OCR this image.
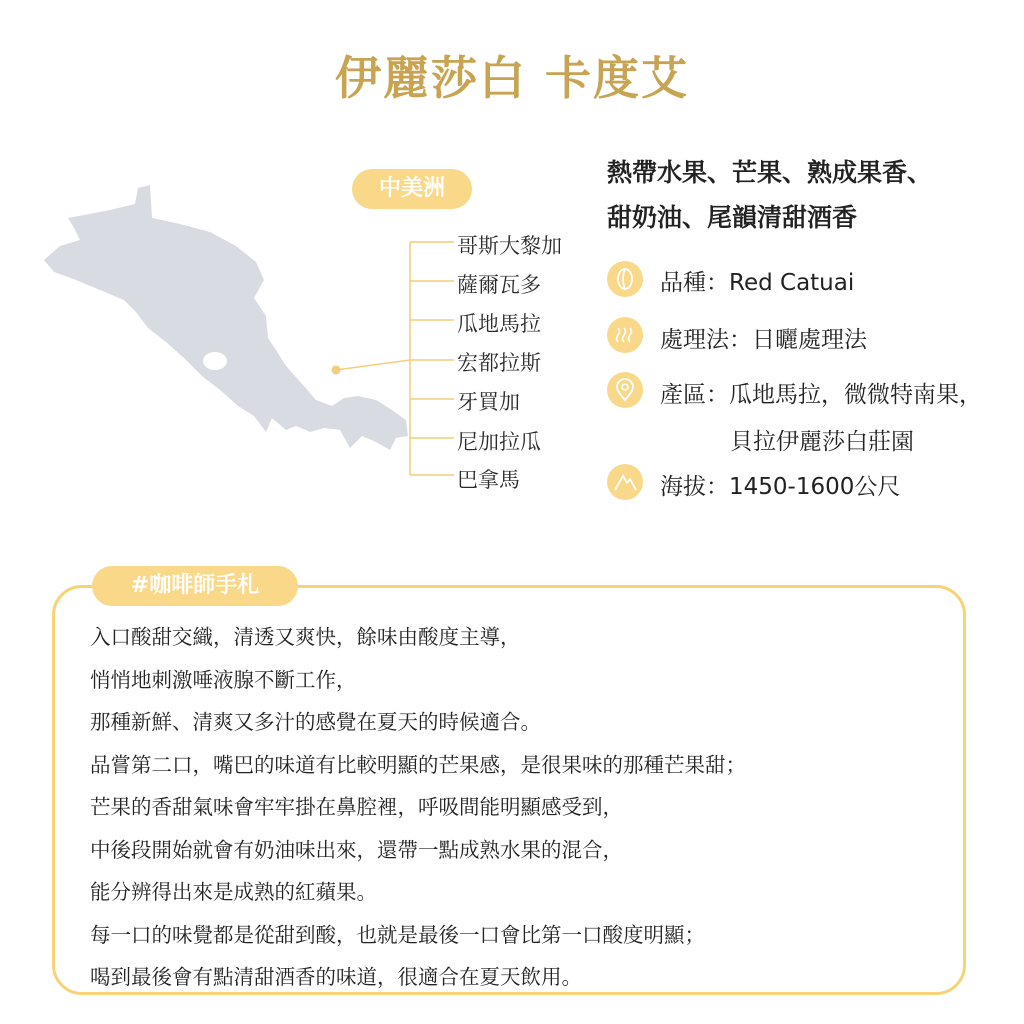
伊麗莎白 卡度艾
中美洲
哥斯大黎加
薩爾瓦多
瓜地馬拉
宏都拉斯
牙買加
尼加拉瓜
巴拿馬
熱帶水果、芒果、熟成果香、
甜奶油、尾韻清甜酒香
品種：Red Catuai
處理法：日曬處理法
產區：瓜地馬拉，微微特南果，
貝拉伊麗莎白莊園
海拔：1450-1600公尺
#咖啡師手札
入口酸甜交織，清透又爽快，餘味由酸度主導，
悄悄地刺激唾液腺不斷工作，
那種新鮮、清爽又多汁的感覺在夏天的時候適合。
品嘗第二口，嘴巴的味道有比較明顯的芒果感，是很果味的那種芒果甜；
芒果的香甜氣味會牢牢掛在鼻腔裡，呼吸間能明顯感受到，
中後段開始就會有奶油味出來，還帶一點成熟水果的混合，
能分辨得出來是成熟的紅蘋果。
每一口的味覺都是從甜到酸，也就是最後一口會比第一口酸度明顯；
喝到最後會有點清甜酒香的味道，很適合在夏天飲用。
